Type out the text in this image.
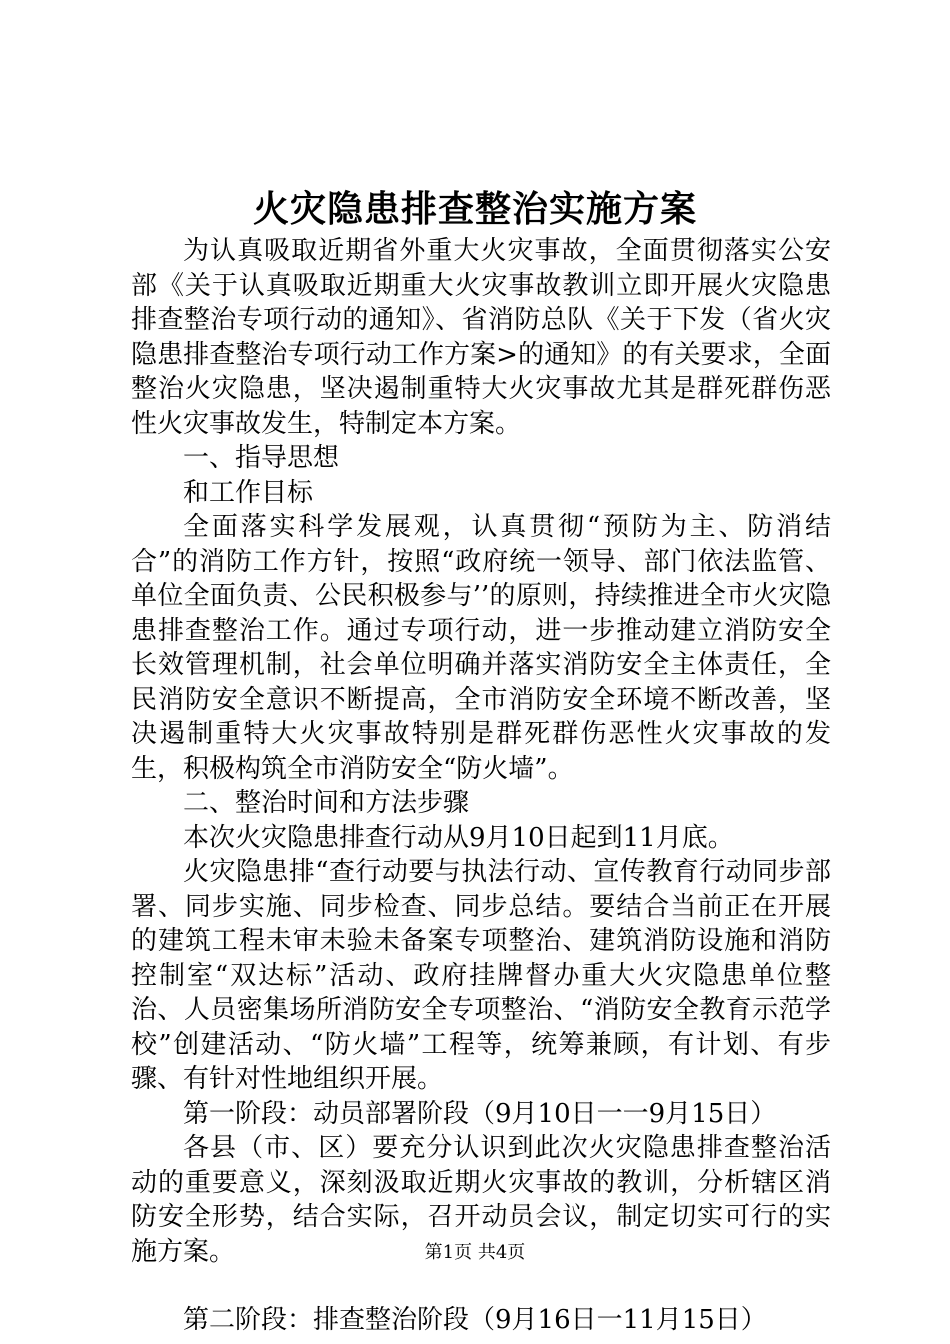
火灾隐患排查整治实施方案

为认真吸取近期省外重大火灾事故，全面贯彻落实公安部《关于认真吸取近期重大火灾事故教训立即开展火灾隐患排查整治专项行动的通知》、省消防总队《关于下发（省火灾隐患排查整治专项行动工作方案>的通知》的有关要求，全面整治火灾隐患，坚决遏制重特大火灾事故尤其是群死群伤恶性火灾事故发生，特制定本方案。

一、指导思想

和工作目标

全面落实科学发展观，认真贯彻“预防为主、防消结合”的消防工作方针，按照“政府统一领导、部门依法监管、单位全面负责、公民积极参与’’的原则，持续推进全市火灾隐患排查整治工作。通过专项行动，进一步推动建立消防安全长效管理机制，社会单位明确并落实消防安全主体责任，全民消防安全意识不断提高，全市消防安全环境不断改善，坚决遏制重特大火灾事故特别是群死群伤恶性火灾事故的发生，积极构筑全市消防安全“防火墙”。

二、整治时间和方法步骤

本次火灾隐患排查行动从9月10日起到11月底。

火灾隐患排“查行动要与执法行动、宣传教育行动同步部署、同步实施、同步检查、同步总结。要结合当前正在开展的建筑工程未审未验未备案专项整治、建筑消防设施和消防控制室“双达标”活动、政府挂牌督办重大火灾隐患单位整治、人员密集场所消防安全专项整治、“消防安全教育示范学校”创建活动、“防火墙”工程等，统筹兼顾，有计划、有步骤、有针对性地组织开展。

第一阶段：动员部署阶段（9月10日一一9月15日）

各县（市、区）要充分认识到此次火灾隐患排查整治活动的重要意义，深刻汲取近期火灾事故的教训，分析辖区消防安全形势，结合实际，召开动员会议，制定切实可行的实施方案。

第二阶段：排查整治阶段（9月16日一11月15日）

第1页 共4页
